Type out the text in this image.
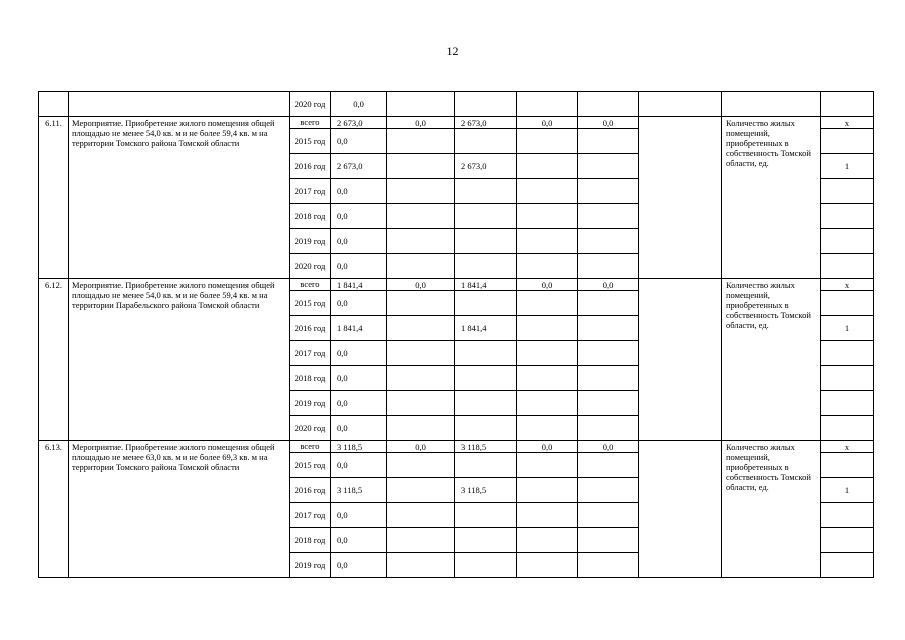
12
		2020 год	0,0							
6.11.	Мероприятие. Приобретение жилого помещения общей площадью не менее 54,0 кв. м и не более 59,4 кв. м на территории Томского района Томской области	всего	2 673,0	0,0	2 673,0	0,0	0,0		Количество жилых помещений, приобретенных в собственность Томской области, ед.	x
		2015 год	0,0							
		2016 год	2 673,0		2 673,0					1
		2017 год	0,0							
		2018 год	0,0							
		2019 год	0,0							
		2020 год	0,0							
6.12.	Мероприятие. Приобретение жилого помещения общей площадью не менее 54,0 кв. м и не более 59,4 кв. м на территории Парабельского района Томской области	всего	1 841,4	0,0	1 841,4	0,0	0,0		Количество жилых помещений, приобретенных в собственность Томской области, ед.	x
		2015 год	0,0							
		2016 год	1 841,4		1 841,4					1
		2017 год	0,0							
		2018 год	0,0							
		2019 год	0,0							
		2020 год	0,0							
6.13.	Мероприятие. Приобретение жилого помещения общей площадью не менее 63,0 кв. м и не более 69,3 кв. м на территории Томского района Томской области	всего	3 118,5	0,0	3 118,5	0,0	0,0		Количество жилых помещений, приобретенных в собственность Томской области, ед.	x
		2015 год	0,0							
		2016 год	3 118,5		3 118,5					1
		2017 год	0,0							
		2018 год	0,0							
		2019 год	0,0							
